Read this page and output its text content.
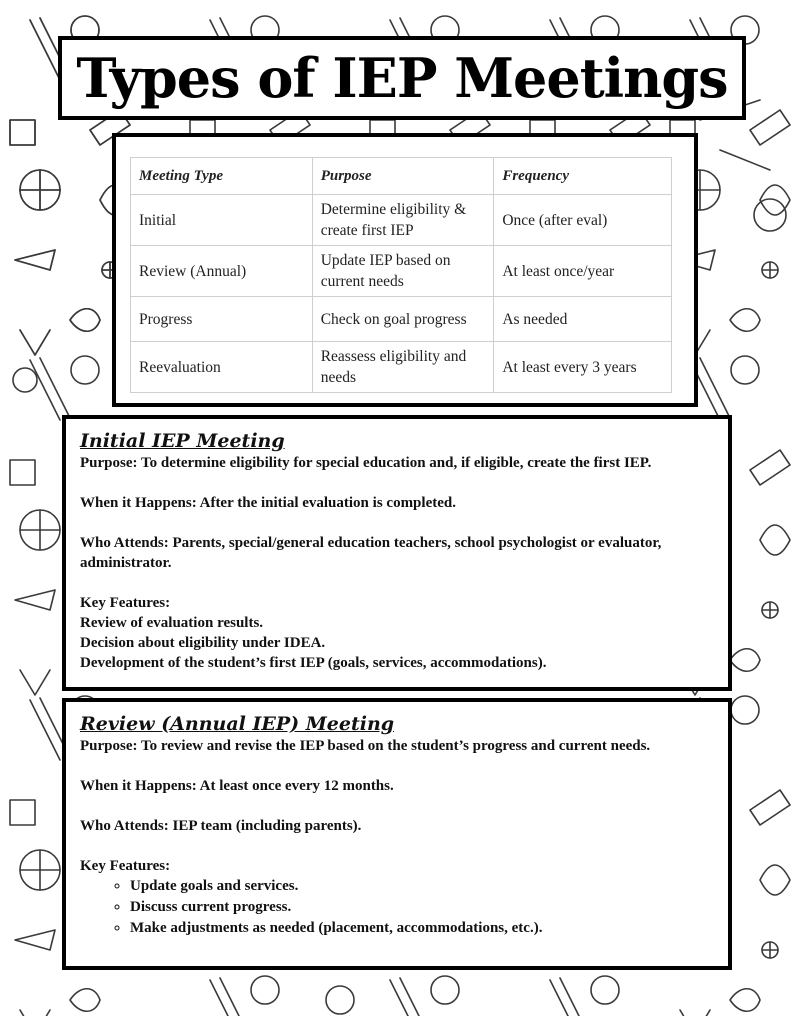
Types of IEP Meetings
Meeting Type	Purpose	Frequency
Initial	Determine eligibility & create first IEP	Once (after eval)
Review (Annual)	Update IEP based on current needs	At least once/year
Progress	Check on goal progress	As needed
Reevaluation	Reassess eligibility and needs	At least every 3 years
Initial IEP Meeting

Purpose: To determine eligibility for special education and, if eligible, create the first IEP.

When it Happens: After the initial evaluation is completed.

Who Attends: Parents, special/general education teachers, school psychologist or evaluator, administrator.

Key Features:

Review of evaluation results.

Decision about eligibility under IDEA.

Development of the student’s first IEP (goals, services, accommodations).

Review (Annual IEP) Meeting

Purpose: To review and revise the IEP based on the student’s progress and current needs.

When it Happens: At least once every 12 months.

Who Attends: IEP team (including parents).

Key Features:

◦ Update goals and services.
◦ Discuss current progress.
◦ Make adjustments as needed (placement, accommodations, etc.).
